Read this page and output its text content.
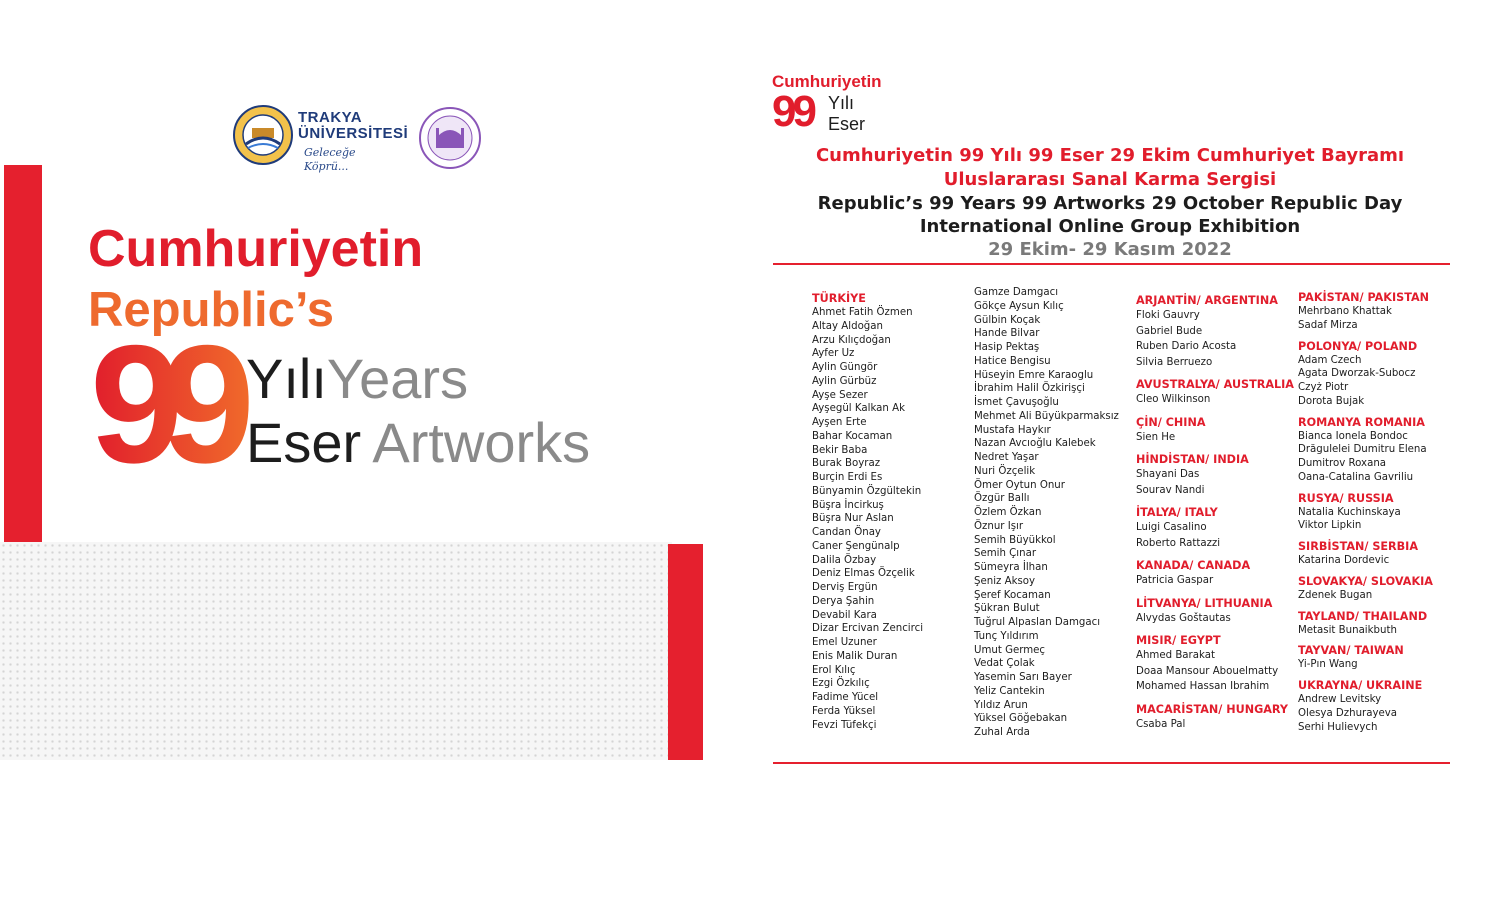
TRAKYA
ÜNİVERSİTESİ
Geleceğe Köprü...
Cumhuriyetin
Republic’s
99 YılıYears
Eser  Artworks
Cumhuriyetin
99 Yılı
Eser
Cumhuriyetin 99 Yılı 99 Eser 29 Ekim Cumhuriyet Bayramı
Uluslararası Sanal Karma Sergisi
Republic’s 99 Years 99 Artworks 29 October Republic Day
International Online Group Exhibition
29 Ekim- 29 Kasım 2022
TÜRKİYE
Ahmet Fatih Özmen
Altay Aldoğan
Arzu Kılıçdoğan
Ayfer Uz
Aylin Güngör
Aylin Gürbüz
Ayşe Sezer
Ayşegül Kalkan Ak
Ayşen Erte
Bahar Kocaman
Bekir Baba
Burak Boyraz
Burçin Erdi Es
Bünyamin Özgültekin
Büşra İncirkuş
Büşra Nur Aslan
Candan Önay
Caner Şengünalp
Dalila Özbay
Deniz Elmas Özçelik
Derviş Ergün
Derya Şahin
Devabil Kara
Dizar Ercivan Zencirci
Emel Uzuner
Enis Malik Duran
Erol Kılıç
Ezgi Özkılıç
Fadime Yücel
Ferda Yüksel
Fevzi Tüfekçi
Gamze Damgacı
Gökçe Aysun Kılıç
Gülbin Koçak
Hande Bilvar
Hasip Pektaş
Hatice Bengisu
Hüseyin Emre Karaoglu
İbrahim Halil Özkirişçi
İsmet Çavuşoğlu
Mehmet Ali Büyükparmaksız
Mustafa Haykır
Nazan Avcıoğlu Kalebek
Nedret Yaşar
Nuri Özçelik
Ömer Oytun Onur
Özgür Ballı
Özlem Özkan
Öznur Işır
Semih Büyükkol
Semih Çınar
Sümeyra İlhan
Şeniz Aksoy
Şeref Kocaman
Şükran Bulut
Tuğrul Alpaslan Damgacı
Tunç Yıldırım
Umut Germeç
Vedat Çolak
Yasemin Sarı Bayer
Yeliz Cantekin
Yıldız Arun
Yüksel Göğebakan
Zuhal Arda
ARJANTİN/ ARGENTINA
Floki Gauvry
Gabriel Bude
Ruben Dario Acosta
Silvia Berruezo
AVUSTRALYA/ AUSTRALIA
Cleo Wilkinson
ÇİN/ CHINA
Sien He
HİNDİSTAN/ INDIA
Shayani Das
Sourav Nandi
İTALYA/ ITALY
Luigi Casalino
Roberto Rattazzi
KANADA/ CANADA
Patricia Gaspar
LİTVANYA/ LITHUANIA
Alvydas Goštautas
MISIR/ EGYPT
Ahmed Barakat
Doaa Mansour Abouelmatty
Mohamed Hassan Ibrahim
MACARİSTAN/ HUNGARY
Csaba Pal
PAKİSTAN/ PAKISTAN
Mehrbano Khattak
Sadaf Mirza
POLONYA/ POLAND
Adam Czech
Agata Dworzak-Subocz
Czyż Piotr
Dorota Bujak
ROMANYA ROMANIA
Bianca Ionela Bondoc
Drăgulelei Dumitru Elena
Dumitrov Roxana
Oana-Catalina Gavriliu
RUSYA/ RUSSIA
Natalia Kuchinskaya
Viktor Lipkin
SIRBİSTAN/ SERBIA
Katarina Dordevic
SLOVAKYA/ SLOVAKIA
Zdenek Bugan
TAYLAND/ THAILAND
Metasit Bunaikbuth
TAYVAN/ TAIWAN
Yi-Pın Wang
UKRAYNA/ UKRAINE
Andrew Levitsky
Olesya Dzhurayeva
Serhi Hulievych
